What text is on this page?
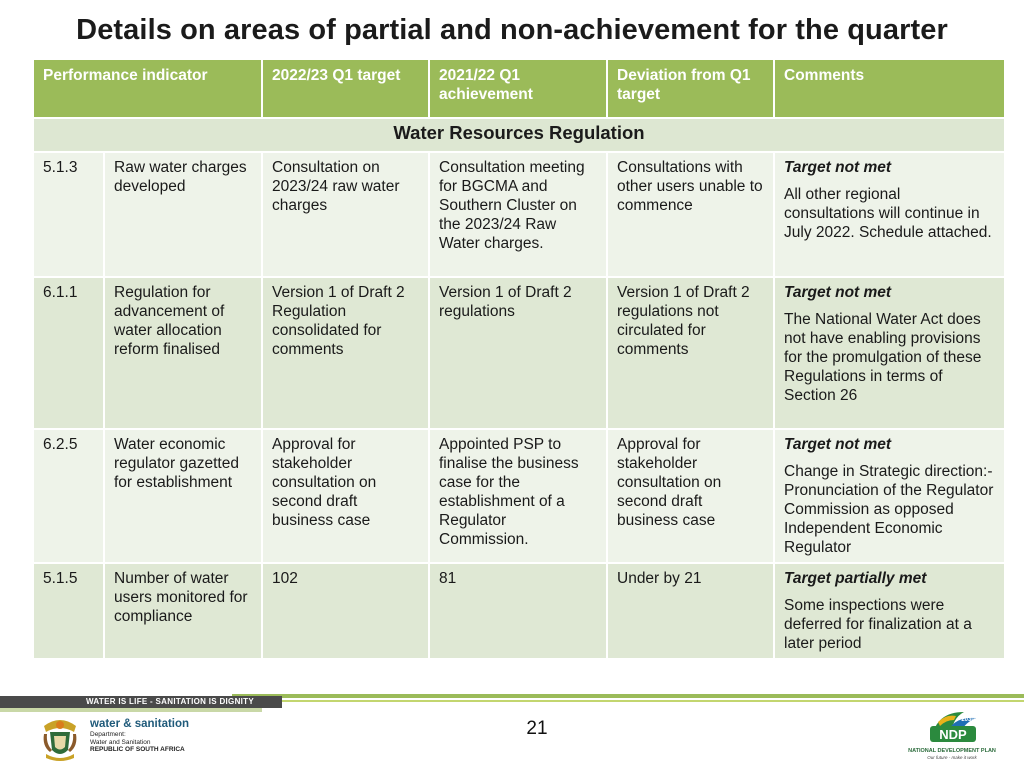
Details on areas of partial and non-achievement for the quarter
Performance indicator		2022/23 Q1 target	2021/22 Q1 achievement	Deviation from Q1 target	Comments
Water Resources Regulation					
5.1.3	Raw water charges developed	Consultation on 2023/24 raw water charges	Consultation meeting for BGCMA and Southern Cluster on the 2023/24 Raw Water charges.	Consultations with other users unable to commence	Target not met
All other regional consultations will continue in July 2022. Schedule attached.
6.1.1	Regulation for advancement of water allocation reform finalised	Version 1 of Draft 2 Regulation consolidated for comments	Version 1 of Draft 2 regulations	Version 1 of Draft 2 regulations not circulated for comments	Target not met
The National Water Act does not have enabling provisions for the promulgation of these Regulations in terms of Section 26
6.2.5	Water economic regulator gazetted for establishment	Approval for stakeholder consultation on second draft business case	Appointed PSP to finalise the business case for the establishment of a Regulator Commission.	Approval for stakeholder consultation on second draft business case	Target not met
Change in Strategic direction:- Pronunciation of the Regulator Commission as opposed Independent Economic Regulator
5.1.5	Number of water users monitored for compliance	102	81	Under by 21	Target partially met
Some inspections were deferred for finalization at a later period
WATER IS LIFE - SANITATION IS DIGNITY
water & sanitation
Department:
Water and Sanitation
REPUBLIC OF SOUTH AFRICA
21	NDP
2030
NATIONAL DEVELOPMENT PLAN
Our future - make it work
